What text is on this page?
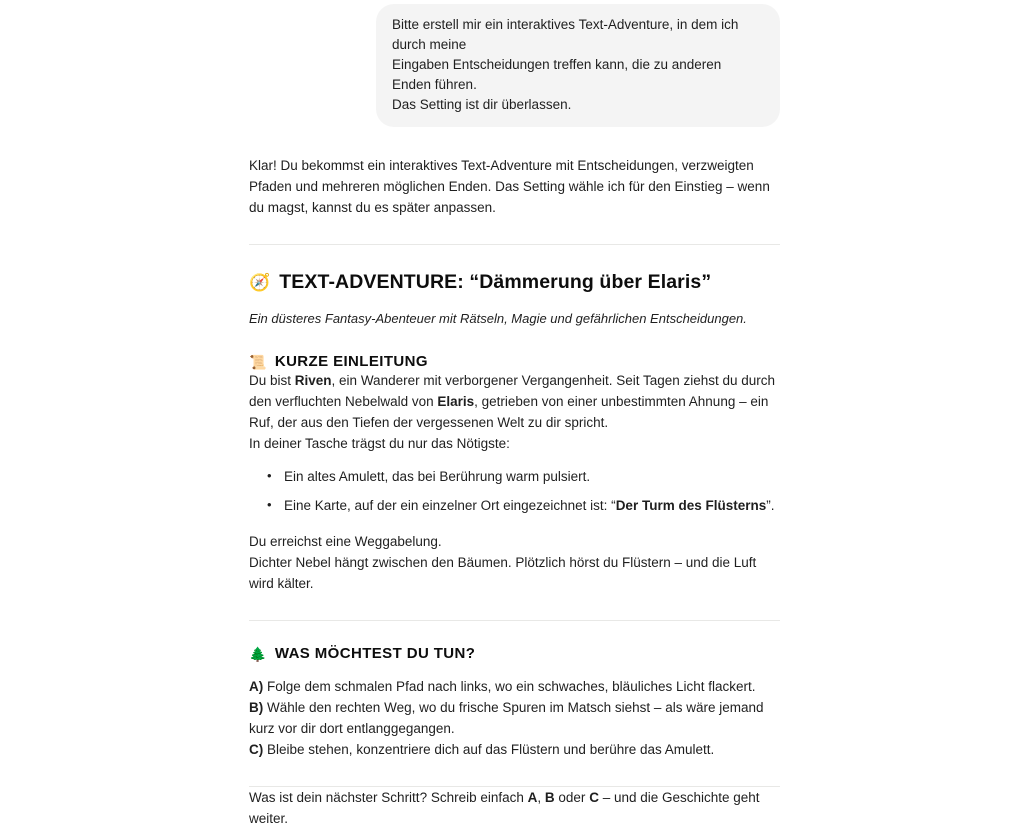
Bitte erstell mir ein interaktives Text-Adventure, in dem ich durch meine
Eingaben Entscheidungen treffen kann, die zu anderen Enden führen.
Das Setting ist dir überlassen.

Klar! Du bekommst ein interaktives Text-Adventure mit Entscheidungen, verzweigten Pfaden und mehreren möglichen Enden. Das Setting wähle ich für den Einstieg – wenn du magst, kannst du es später anpassen.

🧭 TEXT-ADVENTURE: “Dämmerung über Elaris”
Ein düsteres Fantasy-Abenteuer mit Rätseln, Magie und gefährlichen Entscheidungen.
📜 KURZE EINLEITUNG

Du bist Riven, ein Wanderer mit verborgener Vergangenheit. Seit Tagen ziehst du durch den verfluchten Nebelwald von Elaris, getrieben von einer unbestimmten Ahnung – ein Ruf, der aus den Tiefen der vergessenen Welt zu dir spricht.

In deiner Tasche trägst du nur das Nötigste:

• Ein altes Amulett, das bei Berührung warm pulsiert.
• Eine Karte, auf der ein einzelner Ort eingezeichnet ist: “Der Turm des Flüsterns”.
Du erreichst eine Weggabelung.
Dichter Nebel hängt zwischen den Bäumen. Plötzlich hörst du Flüstern – und die Luft wird kälter.
🌲 WAS MÖCHTEST DU TUN?
A) Folge dem schmalen Pfad nach links, wo ein schwaches, bläuliches Licht flackert.
B) Wähle den rechten Weg, wo du frische Spuren im Matsch siehst – als wäre jemand kurz vor dir dort entlanggegangen.
C) Bleibe stehen, konzentriere dich auf das Flüstern und berühre das Amulett.

Was ist dein nächster Schritt? Schreib einfach A, B oder C – und die Geschichte geht weiter.
